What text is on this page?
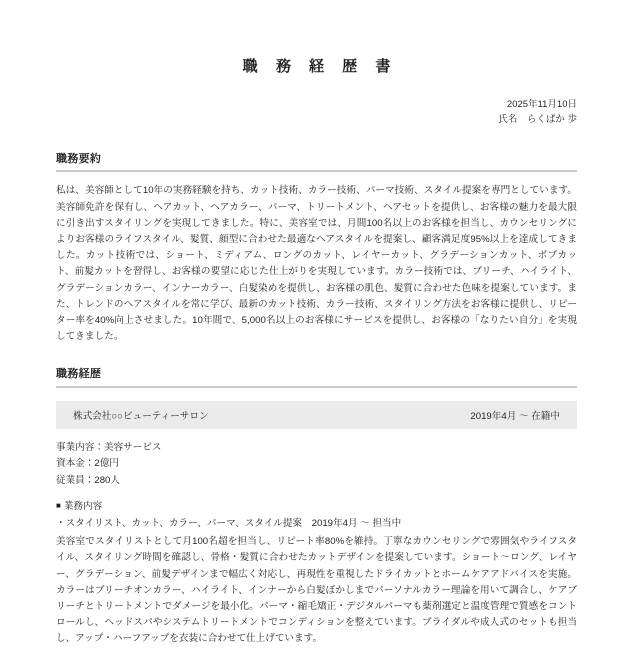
職 務 経 歴 書
2025年11月10日
氏名　らくぱか 歩
職務要約
私は、美容師として10年の実務経験を持ち、カット技術、カラー技術、パーマ技術、スタイル提案を専門としています。美容師免許を保有し、ヘアカット、ヘアカラー、パーマ、トリートメント、ヘアセットを提供し、お客様の魅力を最大限に引き出すスタイリングを実現してきました。特に、美容室では、月間100名以上のお客様を担当し、カウンセリングによりお客様のライフスタイル、髪質、顔型に合わせた最適なヘアスタイルを提案し、顧客満足度95%以上を達成してきました。カット技術では、ショート、ミディアム、ロングのカット、レイヤーカット、グラデーションカット、ボブカット、前髪カットを習得し、お客様の要望に応じた仕上がりを実現しています。カラー技術では、ブリーチ、ハイライト、グラデーションカラー、インナーカラー、白髪染めを提供し、お客様の肌色、髪質に合わせた色味を提案しています。また、トレンドのヘアスタイルを常に学び、最新のカット技術、カラー技術、スタイリング方法をお客様に提供し、リピーター率を40%向上させました。10年間で、5,000名以上のお客様にサービスを提供し、お客様の「なりたい自分」を実現してきました。
職務経歴
株式会社○○ビューティーサロン	2019年4月 ～ 在籍中
事業内容：美容サービス
資本金：2億円
従業員：280人
■ 業務内容
・スタイリスト、カット、カラー、パーマ、スタイル提案　2019年4月 ～ 担当中
美容室でスタイリストとして月100名超を担当し、リピート率80%を維持。丁寧なカウンセリングで雰囲気やライフスタイル、スタイリング時間を確認し、骨格・髪質に合わせたカットデザインを提案しています。ショート～ロング、レイヤー、グラデーション、前髪デザインまで幅広く対応し、再現性を重視したドライカットとホームケアアドバイスを実施。カラーはブリーチオンカラー、ハイライト、インナーから白髪ぼかしまでパーソナルカラー理論を用いて調合し、ケアブリーチとトリートメントでダメージを最小化。パーマ・縮毛矯正・デジタルパーマも薬剤選定と温度管理で質感をコントロールし、ヘッドスパやシステムトリートメントでコンディションを整えています。ブライダルや成人式のセットも担当し、アップ・ハーフアップを衣装に合わせて仕上げています。
